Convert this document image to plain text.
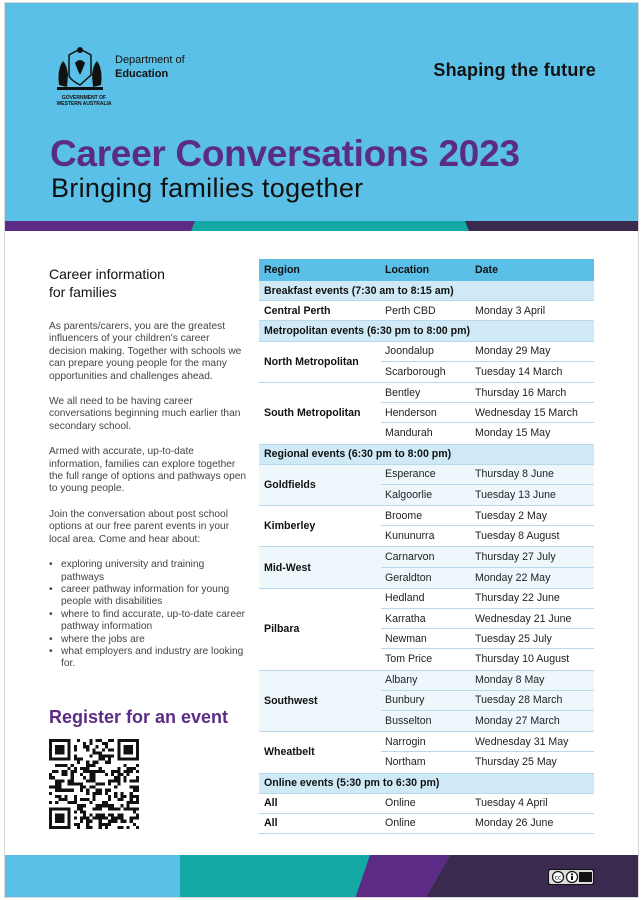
GOVERNMENT OF
WESTERN AUSTRALIA
Department of
Education	Shaping the future
Career Conversations 2023
Bringing families together
Career information
for families

As parents/carers, you are the greatest influencers of your children's career decision making. Together with schools we can prepare young people for the many opportunities and challenges ahead.

We all need to be having career conversations beginning much earlier than secondary school.

Armed with accurate, up-to-date information, families can explore together the full range of options and pathways open to young people.

Join the conversation about post school options at our free parent events in your local area. Come and hear about:

• exploring university and training pathways
• career pathway information for young people with disabilities
• where to find accurate, up-to-date career pathway information
• where the jobs are
• what employers and industry are looking for.
Register for an event
Region	Location	Date
Breakfast events (7:30 am to 8:15 am)
Central Perth	Perth CBD	Monday 3 April
Metropolitan events (6:30 pm to 8:00 pm)
North Metropolitan
Joondalup	Monday 29 May
Scarborough	Tuesday 14 March
South Metropolitan
Bentley	Thursday 16 March
Henderson	Wednesday 15 March
Mandurah	Monday 15 May
Regional events (6:30 pm to 8:00 pm)
Goldfields
Esperance	Thursday 8 June
Kalgoorlie	Tuesday 13 June
Kimberley
Broome	Tuesday 2 May
Kununurra	Tuesday 8 August
Mid-West
Carnarvon	Thursday 27 July
Geraldton	Monday 22 May
Pilbara
Hedland	Thursday 22 June
Karratha	Wednesday 21 June
Newman	Tuesday 25 July
Tom Price	Thursday 10 August
Southwest
Albany	Monday 8 May
Bunbury	Tuesday 28 March
Busselton	Monday 27 March
Wheatbelt
Narrogin	Wednesday 31 May
Northam	Thursday 25 May
Online events (5:30 pm to 6:30 pm)
All	Online	Tuesday 4 April
All	Online	Monday 26 June
cc
